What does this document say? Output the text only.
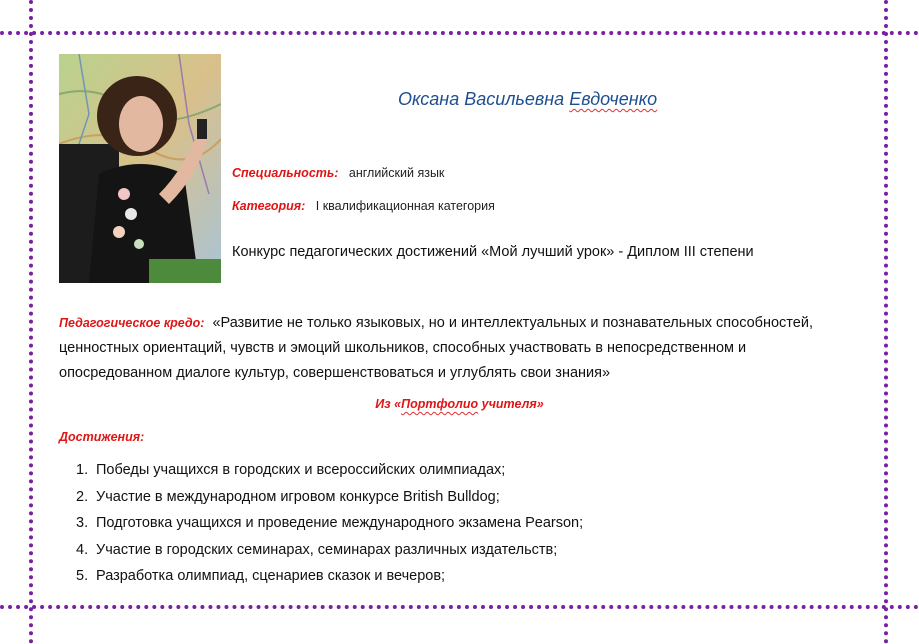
Оксана Васильевна Евдоченко
Специальность: английский язык
Категория: I квалификационная категория
Конкурс педагогических достижений «Мой лучший урок» - Диплом III степени
Педагогическое кредо: «Развитие не только языковых, но и интеллектуальных и познавательных способностей, ценностных ориентаций, чувств и эмоций школьников, способных участвовать в непосредственном и опосредованном диалоге культур, совершенствоваться и углублять свои знания»
Из «Портфолио учителя»
Достижения:
1. Победы учащихся в городских и всероссийских олимпиадах;
2. Участие в международном игровом конкурсе British Bulldog;
3. Подготовка учащихся и проведение международного экзамена Pearson;
4. Участие в городских семинарах, семинарах различных издательств;
5. Разработка олимпиад, сценариев сказок и вечеров;
